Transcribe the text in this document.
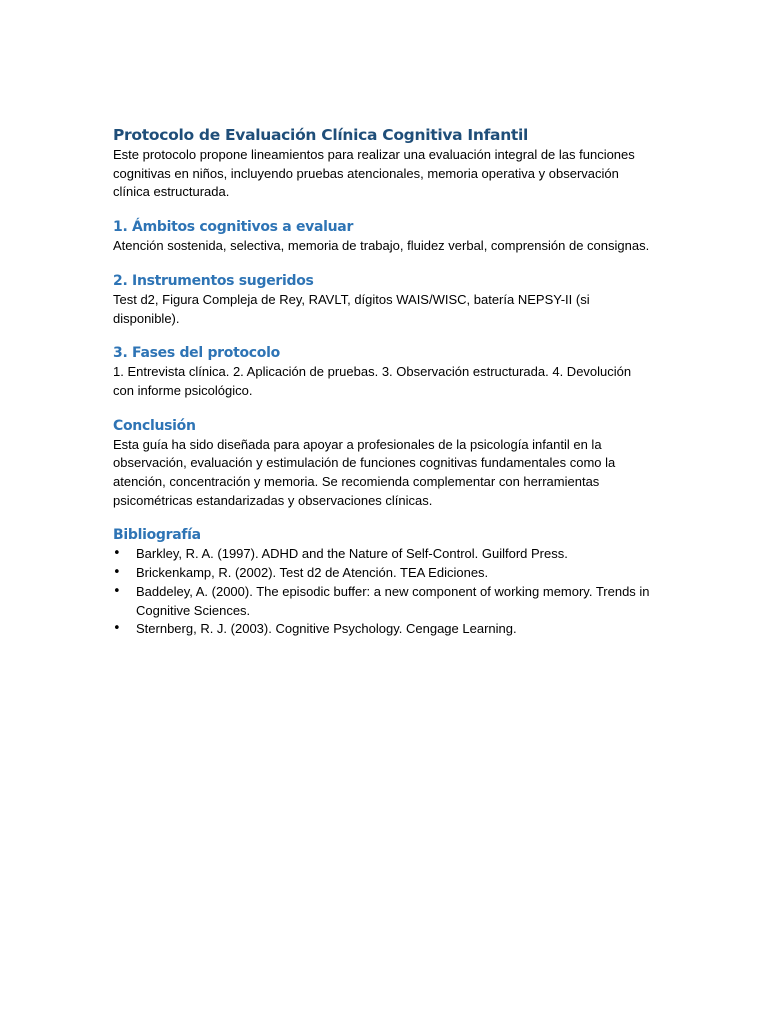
Protocolo de Evaluación Clínica Cognitiva Infantil

Este protocolo propone lineamientos para realizar una evaluación integral de las funciones cognitivas en niños, incluyendo pruebas atencionales, memoria operativa y observación clínica estructurada.

1. Ámbitos cognitivos a evaluar

Atención sostenida, selectiva, memoria de trabajo, fluidez verbal, comprensión de consignas.

2. Instrumentos sugeridos

Test d2, Figura Compleja de Rey, RAVLT, dígitos WAIS/WISC, batería NEPSY-II (si disponible).

3. Fases del protocolo

1. Entrevista clínica. 2. Aplicación de pruebas. 3. Observación estructurada. 4. Devolución con informe psicológico.

Conclusión

Esta guía ha sido diseñada para apoyar a profesionales de la psicología infantil en la observación, evaluación y estimulación de funciones cognitivas fundamentales como la atención, concentración y memoria. Se recomienda complementar con herramientas psicométricas estandarizadas y observaciones clínicas.

Bibliografía
• Barkley, R. A. (1997). ADHD and the Nature of Self-Control. Guilford Press.
• Brickenkamp, R. (2002). Test d2 de Atención. TEA Ediciones.
• Baddeley, A. (2000). The episodic buffer: a new component of working memory. Trends in Cognitive Sciences.
• Sternberg, R. J. (2003). Cognitive Psychology. Cengage Learning.
